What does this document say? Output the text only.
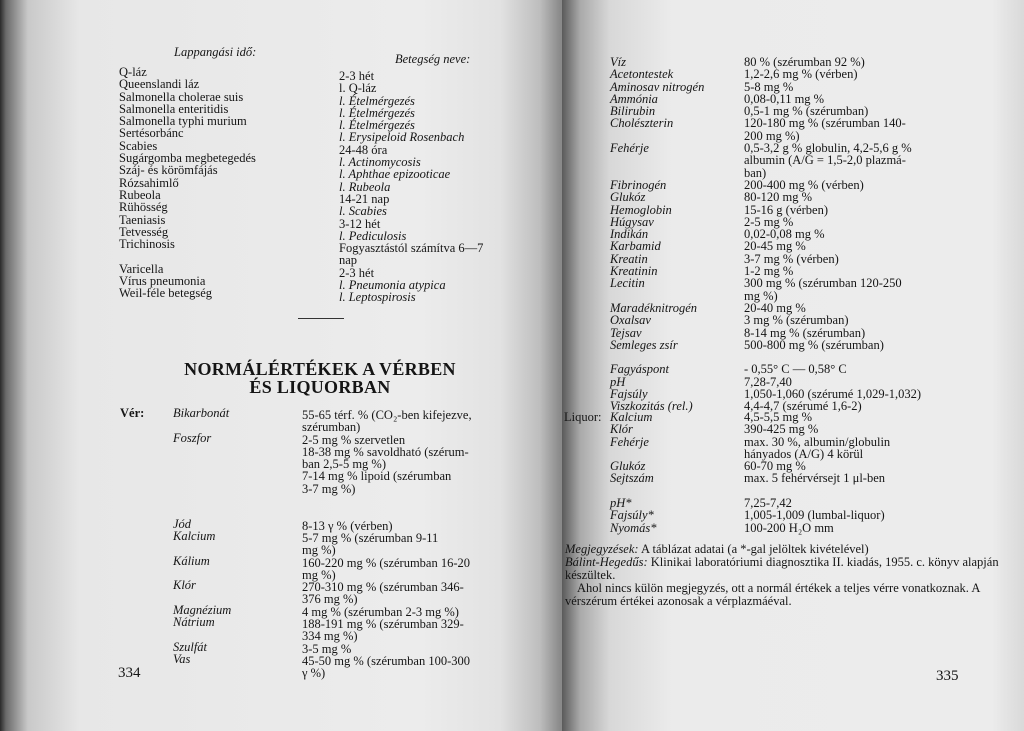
Lappangási idő:	Betegség neve:
Q-láz
Queenslandi láz
Salmonella cholerae suis
Salmonella enteritidis
Salmonella typhi murium
Sertésorbánc
Scabies
Sugárgomba megbetegedés
Száj- és körömfájás
Rózsahimlő
Rubeola
Rühösség
Taeniasis
Tetvesség
Trichinosis
Varicella
Vírus pneumonia
Weil-féle betegség
2-3 hét
l. Q-láz
l. Ételmérgezés
l. Ételmérgezés
l. Ételmérgezés
l. Erysipeloid Rosenbach
24-48 óra
l. Actinomycosis
l. Aphthae epizooticae
l. Rubeola
14-21 nap
l. Scabies
3-12 hét
l. Pediculosis
Fogyasztástól számítva 6—7
nap
2-3 hét
l. Pneumonia atypica
l. Leptospirosis
NORMÁLÉRTÉKEK A VÉRBEN
ÉS LIQUORBAN
Vér: Bikarbonát
Foszfor
Jód
Kalcium
Kálium
Klór
Magnézium
Nátrium
Szulfát
Vas
55-65 térf. % (CO₂-ben kifejezve,
szérumban)
2-5 mg % szervetlen
18-38 mg % savoldható (szérum-
ban 2,5-5 mg %)
7-14 mg % lipoid (szérumban
3-7 mg %)
8-13 γ % (vérben)
5-7 mg % (szérumban 9-11
mg %)
160-220 mg % (szérumban 16-20
mg %)
270-310 mg % (szérumban 346-
376 mg %)
4 mg % (szérumban 2-3 mg %)
188-191 mg % (szérumban 329-
334 mg %)
3-5 mg %
45-50 mg % (szérumban 100-300
γ %)
334
Víz
Acetontestek
Aminosav nitrogén
Ammónia
Bilirubin
Cholészterin
Fehérje
Fibrinogén
Glukóz
Hemoglobin
Húgysav
Indikán
Karbamid
Kreatin
Kreatinin
Lecitin
Maradéknitrogén
Oxalsav
Tejsav
Semleges zsír
Fagyáspont
pH
Fajsúly
Viszkozitás (rel.)
80 % (szérumban 92 %)
1,2-2,6 mg % (vérben)
5-8 mg %
0,08-0,11 mg %
0,5-1 mg % (szérumban)
120-180 mg % (szérumban 140-
200 mg %)
0,5-3,2 g % globulin, 4,2-5,6 g %
albumin (A/G = 1,5-2,0 plazmá-
ban)
200-400 mg % (vérben)
80-120 mg %
15-16 g (vérben)
2-5 mg %
0,02-0,08 mg %
20-45 mg %
3-7 mg % (vérben)
1-2 mg %
300 mg % (szérumban 120-250
mg %)
20-40 mg %
3 mg % (szérumban)
8-14 mg % (szérumban)
500-800 mg % (szérumban)
- 0,55° C — 0,58° C
7,28-7,40
1,050-1,060 (szérumé 1,029-1,032)
4,4-4,7 (szérumé 1,6-2)
Liquor: Kalcium
Klór
Fehérje
Glukóz
Sejtszám
pH*
Fajsúly*
Nyomás*
4,5-5,5 mg %
390-425 mg %
max. 30 %, albumin/globulin
hányados (A/G) 4 körül
60-70 mg %
max. 5 fehérvérsejt 1 μl-ben
7,25-7,42
1,005-1,009 (lumbal-liquor)
100-200 H₂O mm
Megjegyzések: A táblázat adatai (a *-gal jelöltek kivételével)
Bálint-Hegedűs: Klinikai laboratóriumi diagnosztika II. kiadás, 1955. c. könyv alapján készültek.
Ahol nincs külön megjegyzés, ott a normál értékek a teljes vérre vonatkoznak. A vérszérum értékei azonosak a vérplazmáéval.
335
